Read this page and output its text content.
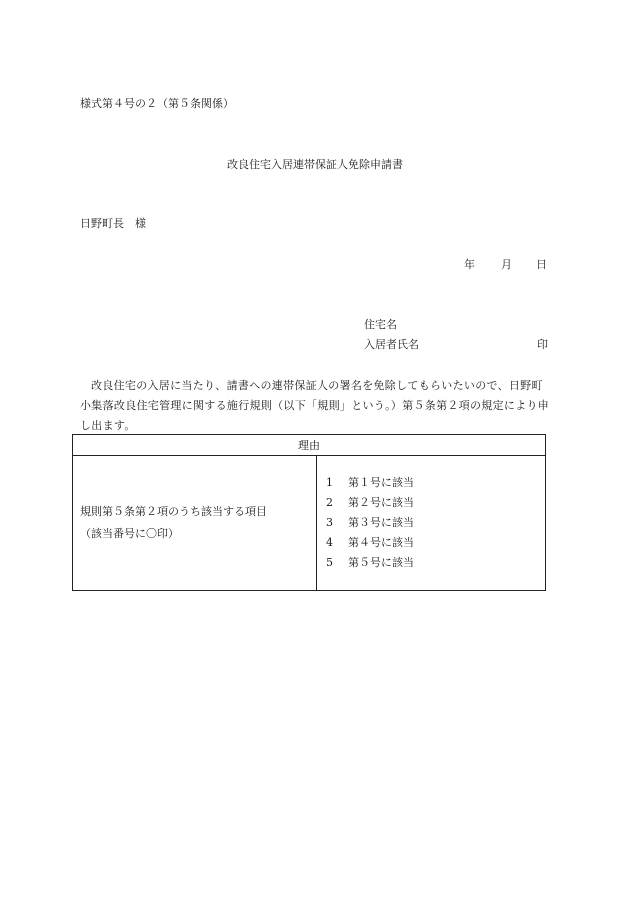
様式第４号の２（第５条関係）
改良住宅入居連帯保証人免除申請書
日野町長　様
年 月 日
住宅名
入居者氏名	印
改良住宅の入居に当たり、請書への連帯保証人の署名を免除してもらいたいので、日野町小集落改良住宅管理に関する施行規則（以下「規則」という。）第５条第２項の規定により申し出ます。
理由

規則第５条第２項のうち該当する項目
（該当番号に〇印）

1 第１号に該当
2 第２号に該当
3 第３号に該当
4 第４号に該当
5 第５号に該当
